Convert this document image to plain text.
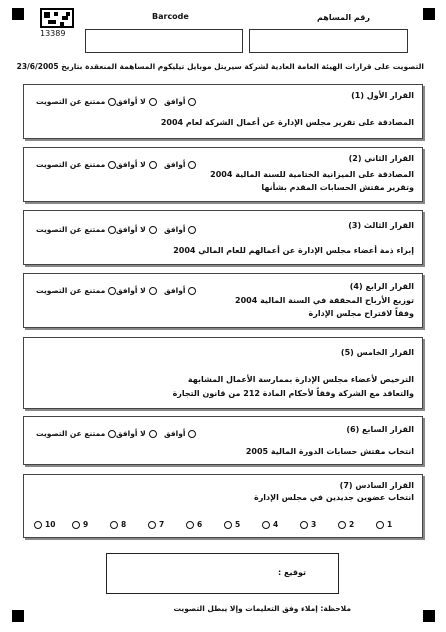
13389
Barcode	رقم المساهم
التصويت على قرارات الهيئة العامة العادية لشركة سيريتل موبايل تيليكوم المساهمة المنعقدة بتاريخ 23/6/2005
القرار الأول (1)
أوافق
لا أوافق
ممتنع عن التصويت
المصادقة على تقرير مجلس الإدارة عن أعمال الشركة لعام 2004
القرار الثاني (2)
أوافق
لا أوافق
ممتنع عن التصويت
المصادقة على الميزانية الختامية للسنة المالية 2004
وتقرير مفتش الحسابات المقدم بشأنها
القرار الثالث (3)
أوافق
لا أوافق
ممتنع عن التصويت
إبراء ذمة أعضاء مجلس الإدارة عن أعمالهم للعام المالي 2004
القرار الرابع (4)
أوافق
لا أوافق
ممتنع عن التصويت
توزيع الأرباح المحققة في السنة المالية 2004
وفقاً لاقتراح مجلس الإدارة
القرار الخامس (5)
الترخيص لأعضاء مجلس الإدارة بممارسة الأعمال المشابهة
والتعاقد مع الشركة وفقاً لأحكام المادة 212 من قانون التجارة
القرار السابع (6)
أوافق
لا أوافق
ممتنع عن التصويت
انتخاب مفتش حسابات الدورة المالية 2005
القرار السادس (7)
انتخاب عضوين جديدين في مجلس الإدارة
10	9	8	7	6	5	4	3	2	1
توقيع :
ملاحظة: إملاء وفق التعليمات وإلا يبطل التصويت
